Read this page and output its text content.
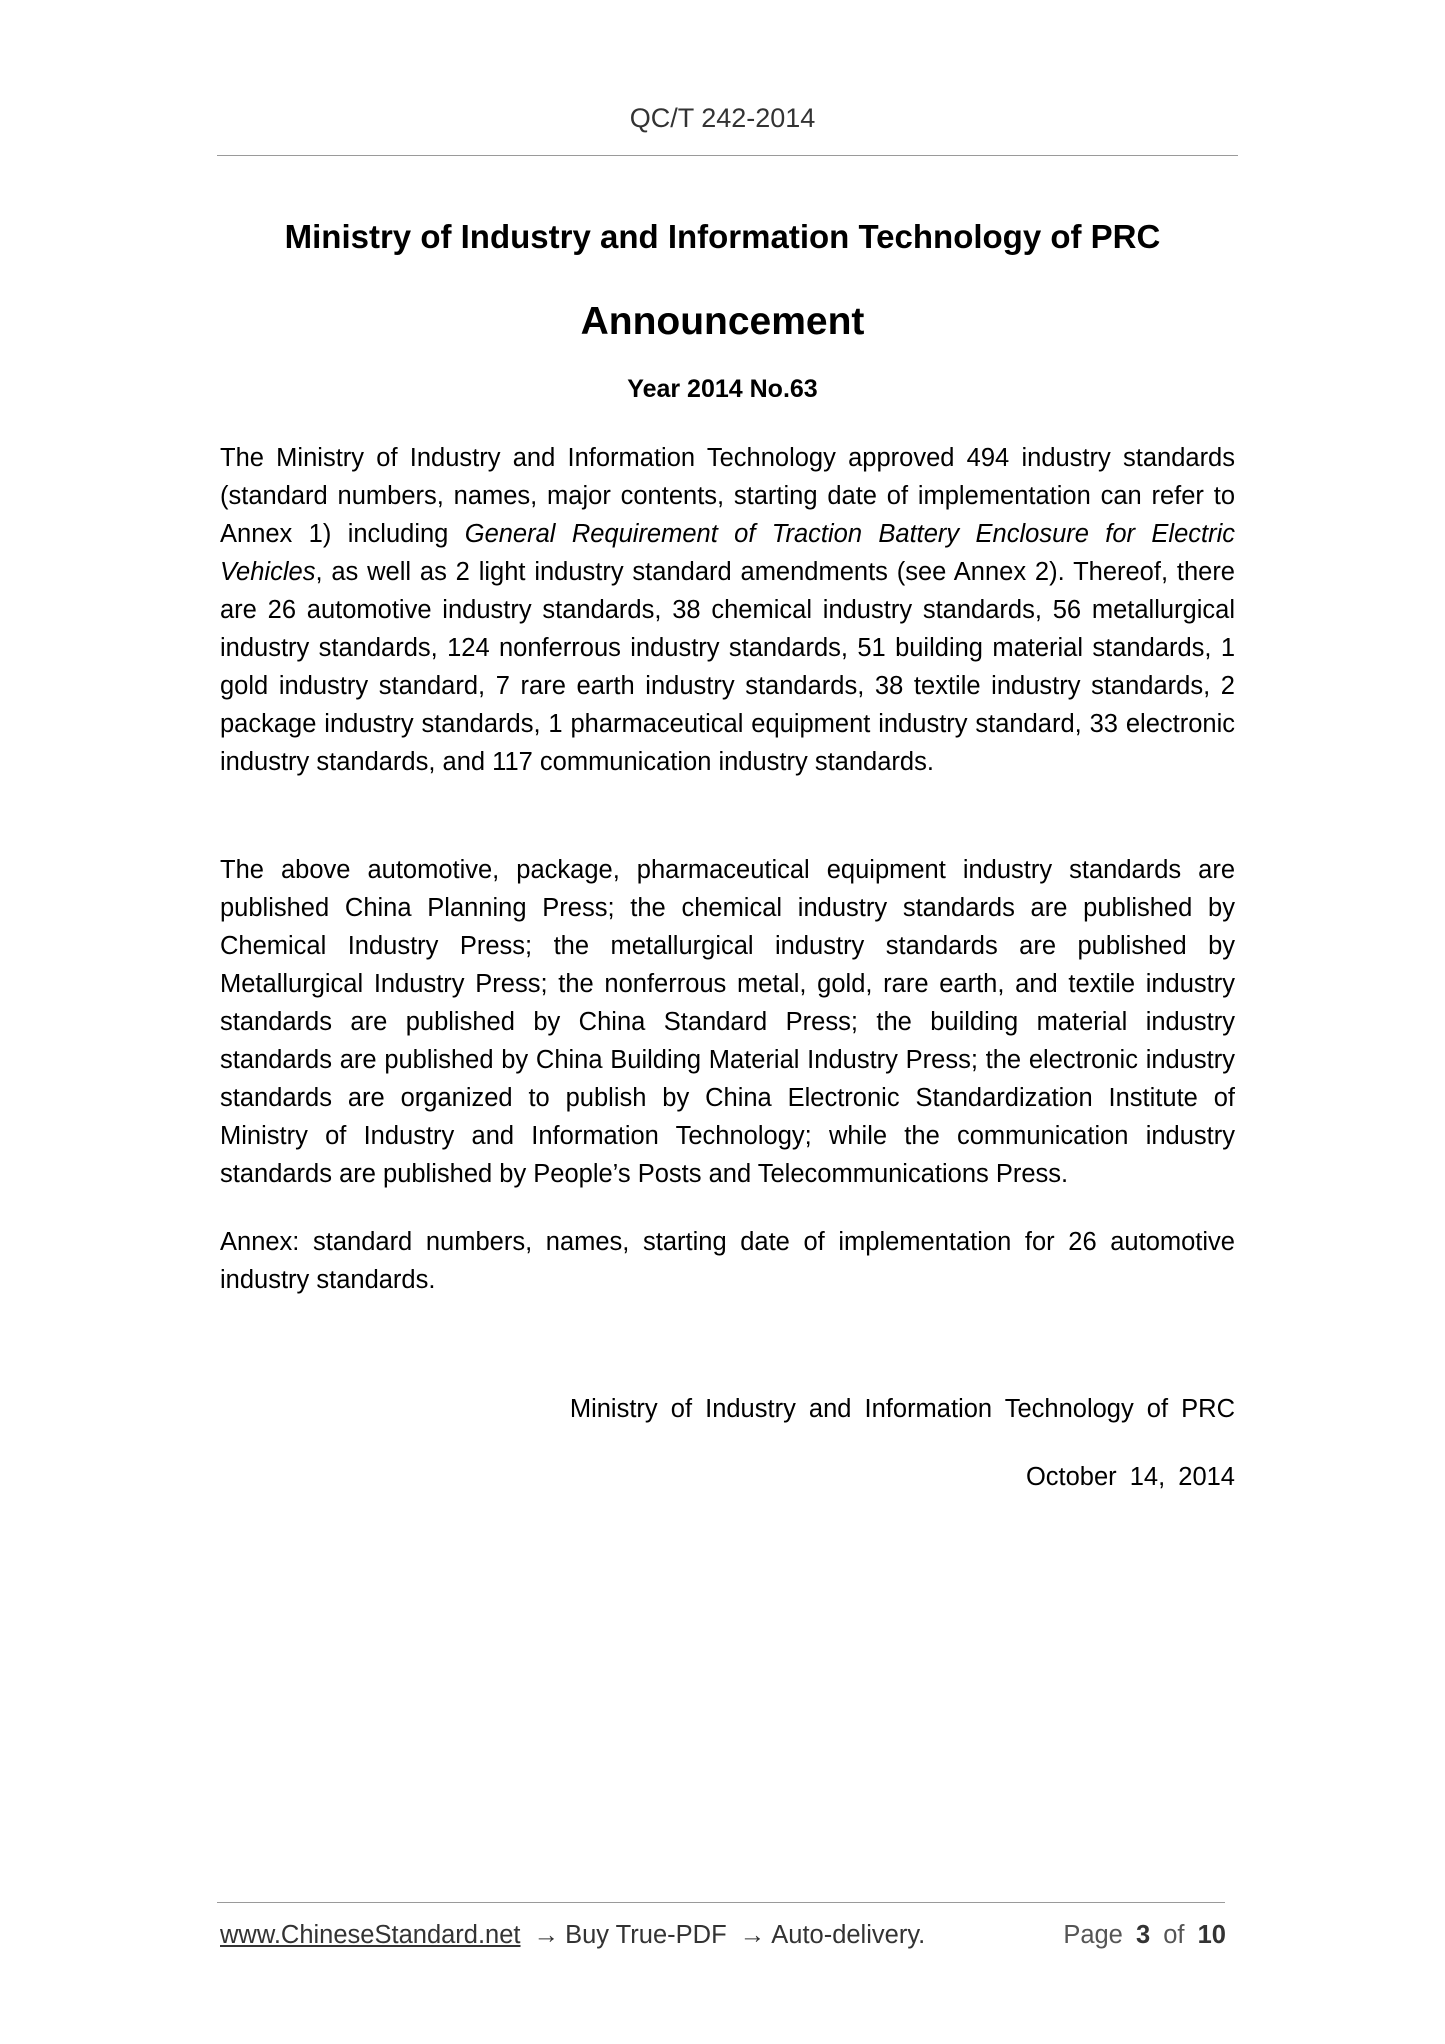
QC/T 242-2014
Ministry of Industry and Information Technology of PRC
Announcement
Year 2014 No.63

The Ministry of Industry and Information Technology approved 494 industry standards (standard numbers, names, major contents, starting date of implementation can refer to Annex 1) including General Requirement of Traction Battery Enclosure for Electric Vehicles, as well as 2 light industry standard amendments (see Annex 2). Thereof, there are 26 automotive industry standards, 38 chemical industry standards, 56 metallurgical industry standards, 124 nonferrous industry standards, 51 building material standards, 1 gold industry standard, 7 rare earth industry standards, 38 textile industry standards, 2 package industry standards, 1 pharmaceutical equipment industry standard, 33 electronic industry standards, and 117 communication industry standards.

The above automotive, package, pharmaceutical equipment industry standards are published China Planning Press; the chemical industry standards are published by Chemical Industry Press; the metallurgical industry standards are published by Metallurgical Industry Press; the nonferrous metal, gold, rare earth, and textile industry standards are published by China Standard Press; the building material industry standards are published by China Building Material Industry Press; the electronic industry standards are organized to publish by China Electronic Standardization Institute of Ministry of Industry and Information Technology; while the communication industry standards are published by People’s Posts and Telecommunications Press.

Annex: standard numbers, names, starting date of implementation for 26 automotive industry standards.

Ministry of Industry and Information Technology of PRC
October 14, 2014
www.ChineseStandard.net → Buy True-PDF → Auto-delivery.	Page 3 of 10
